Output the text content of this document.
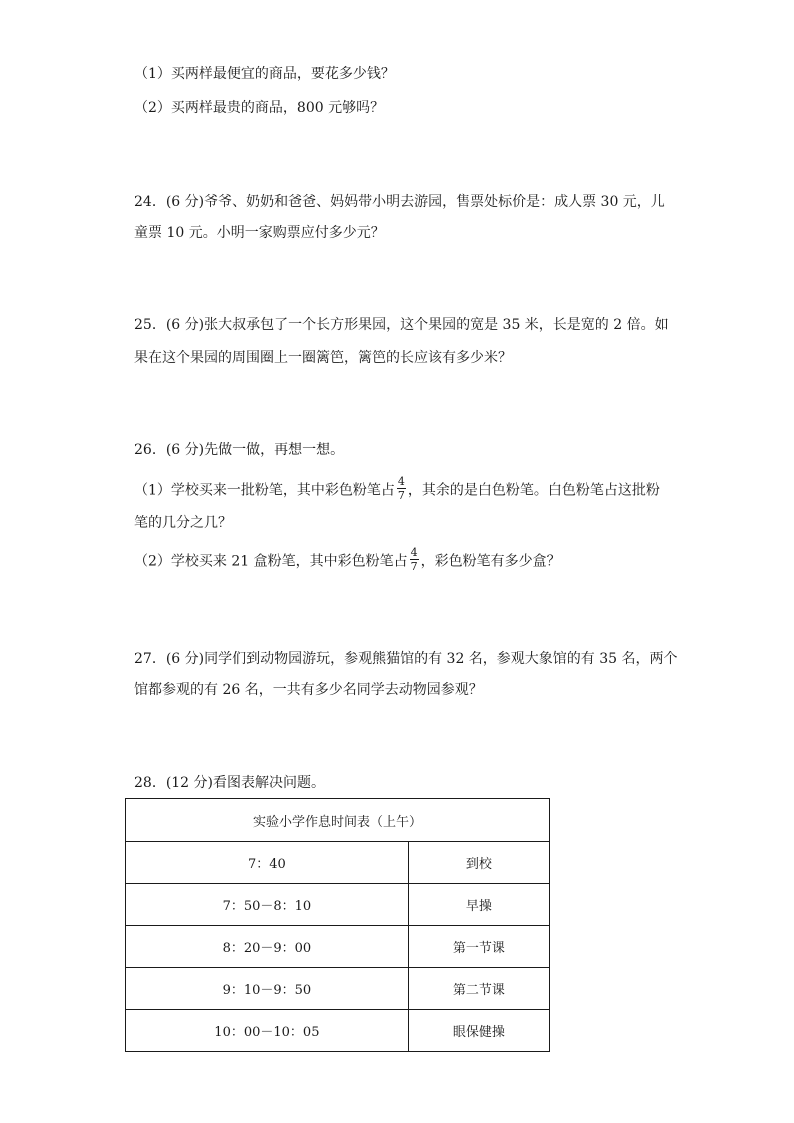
（1）买两样最便宜的商品，要花多少钱？
（2）买两样最贵的商品，800 元够吗？
24．(6 分)爷爷、奶奶和爸爸、妈妈带小明去游园，售票处标价是：成人票 30 元，儿
童票 10 元。小明一家购票应付多少元？
25．(6 分)张大叔承包了一个长方形果园，这个果园的宽是 35 米，长是宽的 2 倍。如
果在这个果园的周围圈上一圈篱笆，篱笆的长应该有多少米？
26．(6 分)先做一做，再想一想。
（1）学校买来一批粉笔，其中彩色粉笔占 $\frac{4}{7}$ ，其余的是白色粉笔。白色粉笔占这批粉
笔的几分之几？
（2）学校买来 21 盒粉笔，其中彩色粉笔占 $\frac{4}{7}$ ，彩色粉笔有多少盒？
27．(6 分)同学们到动物园游玩，参观熊猫馆的有 32 名，参观大象馆的有 35 名，两个
馆都参观的有 26 名，一共有多少名同学去动物园参观？
28．(12 分)看图表解决问题。
实验小学作息时间表（上午）	
7：40	到校
7：50－8：10	早操
8：20－9：00	第一节课
9：10－9：50	第二节课
10：00－10：05	眼保健操
